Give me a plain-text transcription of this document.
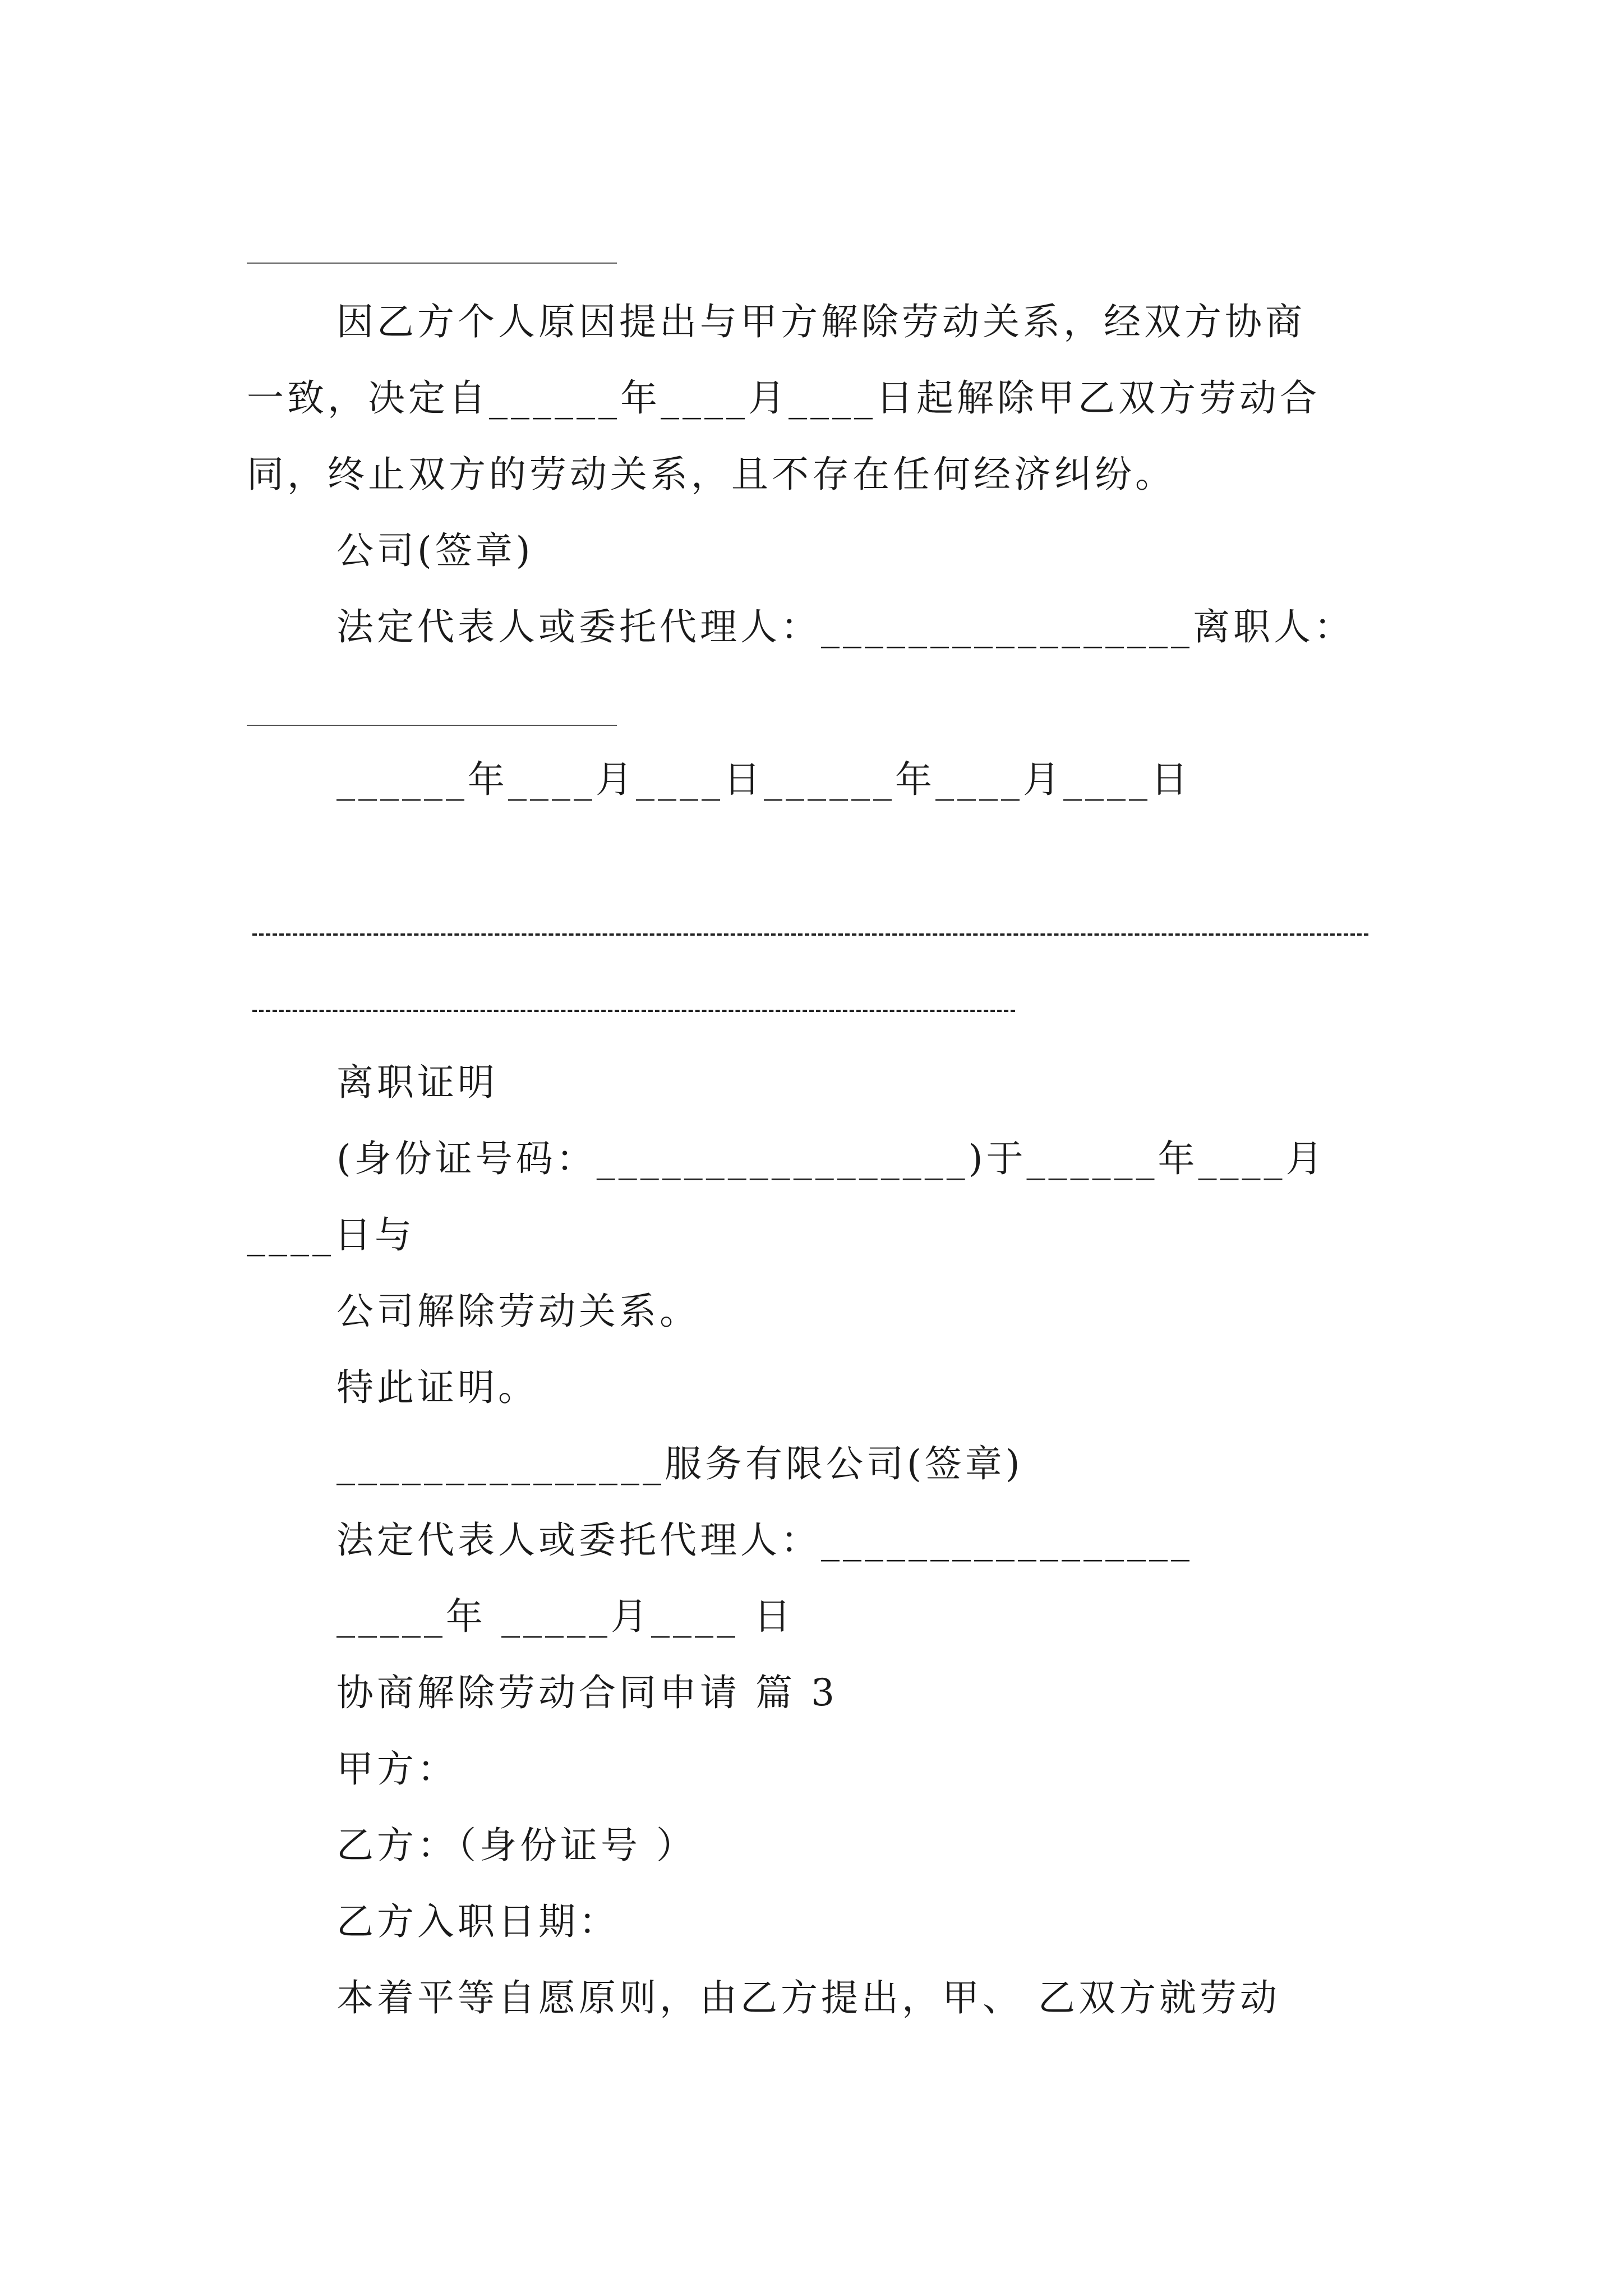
因乙方个人原因提出与甲方解除劳动关系，经双方协商
一致，决定自______年____月____日起解除甲乙双方劳动合
同，终止双方的劳动关系，且不存在任何经济纠纷。
公司(签章)
法定代表人或委托代理人：_________________离职人：
______年____月____日______年____月____日
离职证明
(身份证号码：_________________)于______年____月
____日与
公司解除劳动关系。
特此证明。
_______________服务有限公司(签章)
法定代表人或委托代理人：_________________
_____年 _____月____ 日
协商解除劳动合同申请 篇 3
甲方：
乙方：（身份证号 ）
乙方入职日期：
本着平等自愿原则，由乙方提出，甲、 乙双方就劳动
